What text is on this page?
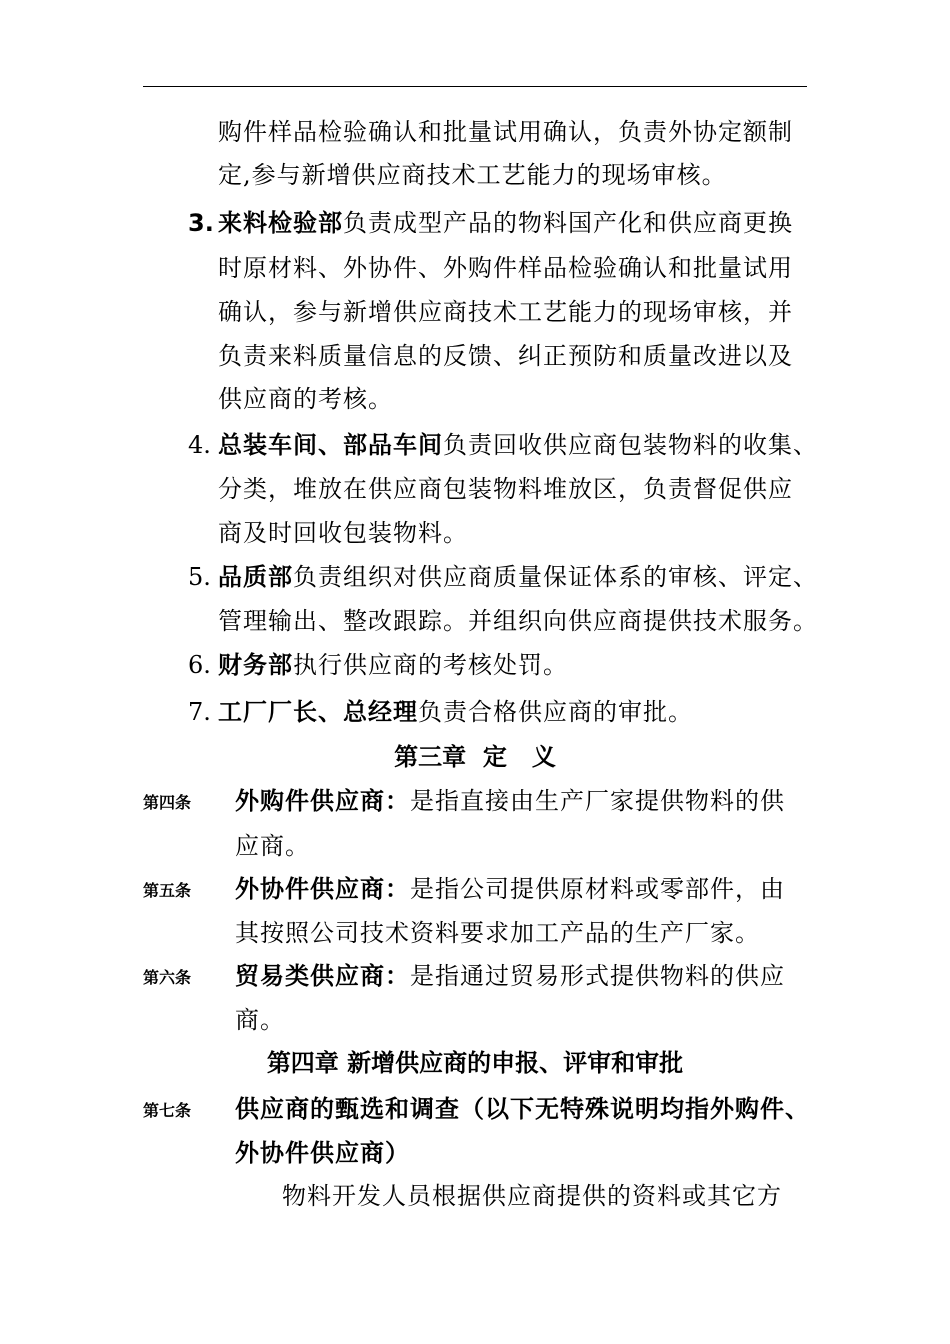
购件样品检验确认和批量试用确认，负责外协定额制
定,参与新增供应商技术工艺能力的现场审核。
3. 来料检验部负责成型产品的物料国产化和供应商更换
时原材料、外协件、外购件样品检验确认和批量试用
确认，参与新增供应商技术工艺能力的现场审核，并
负责来料质量信息的反馈、纠正预防和质量改进以及
供应商的考核。
4. 总装车间、部品车间负责回收供应商包装物料的收集、
分类，堆放在供应商包装物料堆放区，负责督促供应
商及时回收包装物料。
5. 品质部负责组织对供应商质量保证体系的审核、评定、
管理输出、整改跟踪。并组织向供应商提供技术服务。
6. 财务部执行供应商的考核处罚。
7. 工厂厂长、总经理负责合格供应商的审批。
第三章  定   义
第四条 外购件供应商：是指直接由生产厂家提供物料的供
应商。
第五条 外协件供应商：是指公司提供原材料或零部件，由
其按照公司技术资料要求加工产品的生产厂家。
第六条 贸易类供应商：是指通过贸易形式提供物料的供应
商。
第四章 新增供应商的申报、评审和审批
第七条 供应商的甄选和调查（以下无特殊说明均指外购件、
外协件供应商）
物料开发人员根据供应商提供的资料或其它方
